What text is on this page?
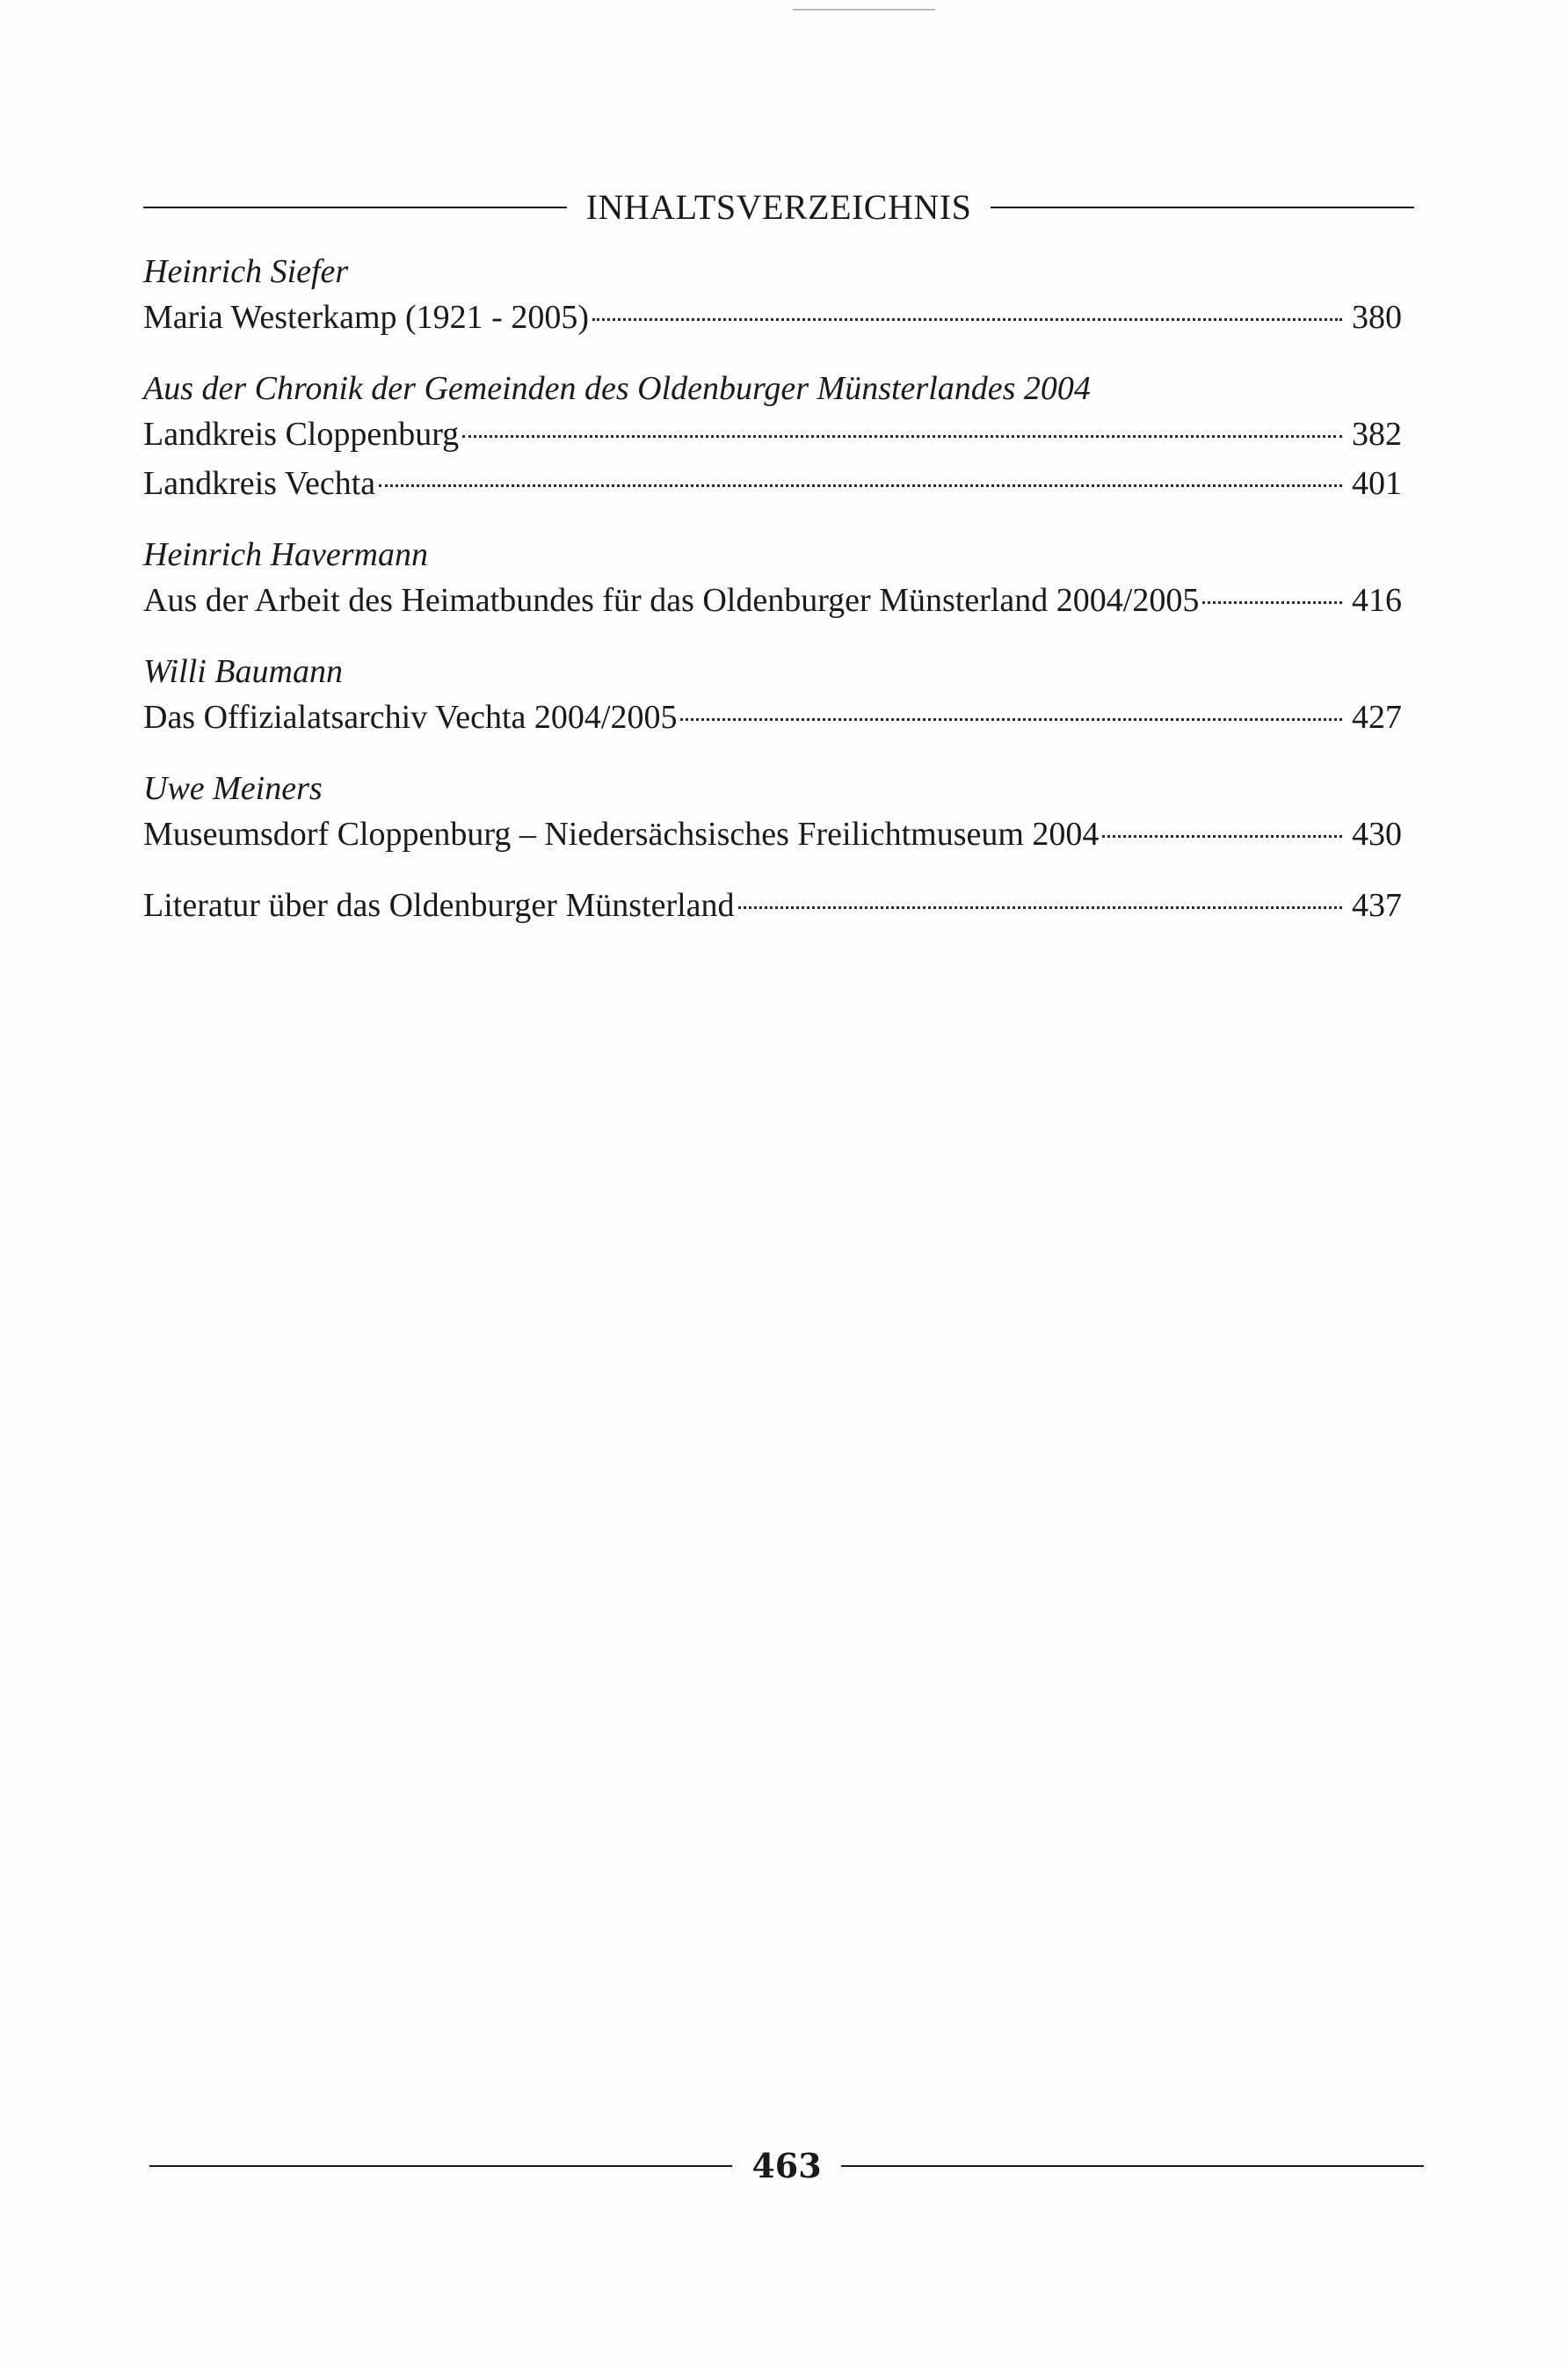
INHALTSVERZEICHNIS
Heinrich Siefer
Maria Westerkamp (1921 - 2005)	380
Aus der Chronik der Gemeinden des Oldenburger Münsterlandes 2004
Landkreis Cloppenburg	382
Landkreis Vechta	401
Heinrich Havermann
Aus der Arbeit des Heimatbundes für das Oldenburger Münsterland 2004/2005	416
Willi Baumann
Das Offizialatsarchiv Vechta 2004/2005	427
Uwe Meiners
Museumsdorf Cloppenburg – Niedersächsisches Freilichtmuseum 2004	430
Literatur über das Oldenburger Münsterland	437
463
